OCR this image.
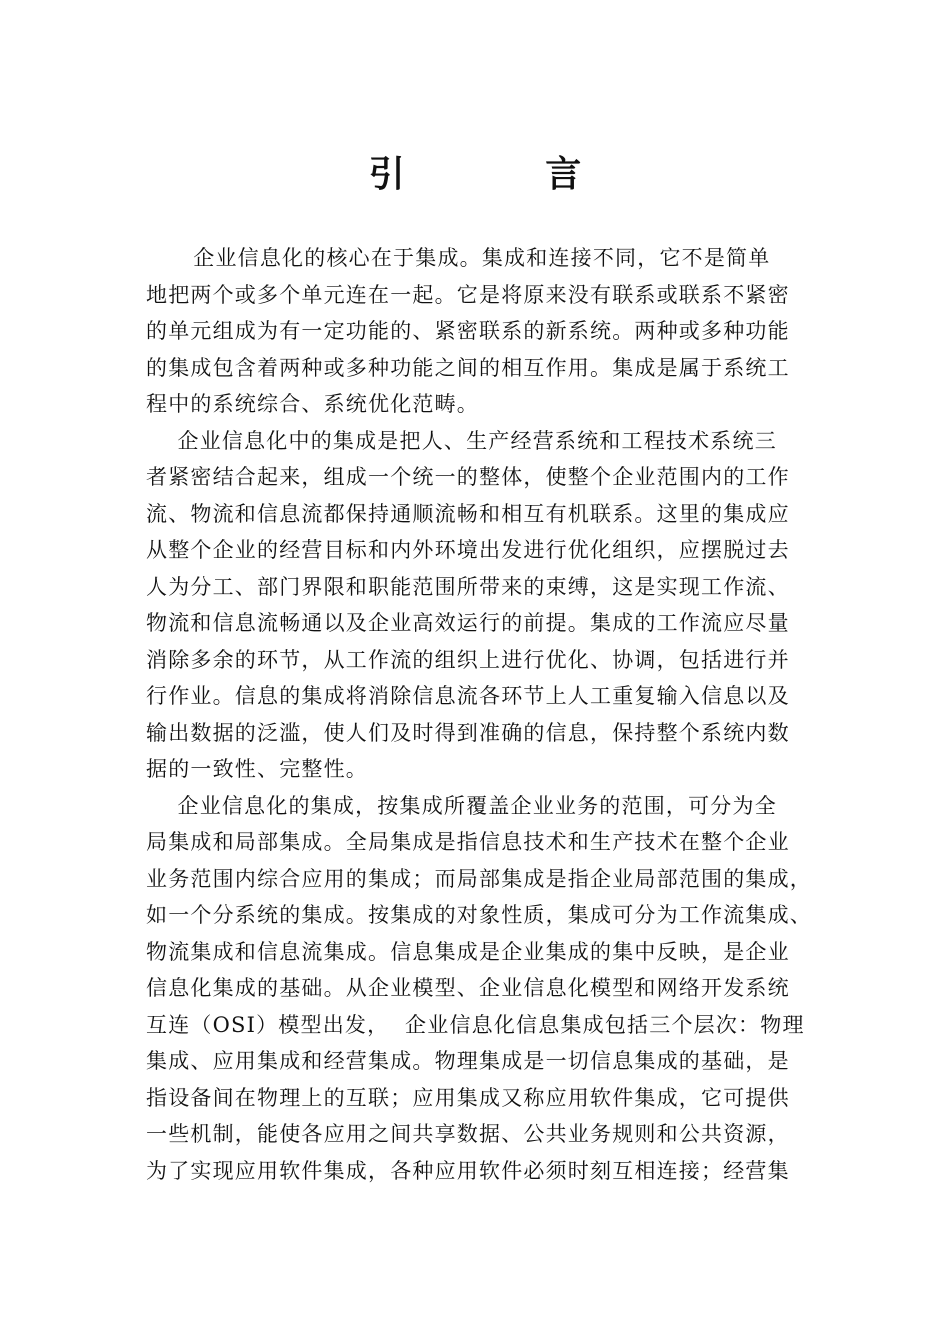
引 言

企业信息化的核心在于集成。集成和连接不同，它不是简单
地把两个或多个单元连在一起。它是将原来没有联系或联系不紧密
的单元组成为有一定功能的、紧密联系的新系统。两种或多种功能
的集成包含着两种或多种功能之间的相互作用。集成是属于系统工
程中的系统综合、系统优化范畴。

企业信息化中的集成是把人、生产经营系统和工程技术系统三
者紧密结合起来，组成一个统一的整体，使整个企业范围内的工作
流、物流和信息流都保持通顺流畅和相互有机联系。这里的集成应
从整个企业的经营目标和内外环境出发进行优化组织，应摆脱过去
人为分工、部门界限和职能范围所带来的束缚，这是实现工作流、
物流和信息流畅通以及企业高效运行的前提。集成的工作流应尽量
消除多余的环节，从工作流的组织上进行优化、协调，包括进行并
行作业。信息的集成将消除信息流各环节上人工重复输入信息以及
输出数据的泛滥，使人们及时得到准确的信息，保持整个系统内数
据的一致性、完整性。

企业信息化的集成，按集成所覆盖企业业务的范围，可分为全
局集成和局部集成。全局集成是指信息技术和生产技术在整个企业
业务范围内综合应用的集成；而局部集成是指企业局部范围的集成，
如一个分系统的集成。按集成的对象性质，集成可分为工作流集成、
物流集成和信息流集成。信息集成是企业集成的集中反映，是企业
信息化集成的基础。从企业模型、企业信息化模型和网络开发系统
互连（OSI）模型出发，  企业信息化信息集成包括三个层次：物理
集成、应用集成和经营集成。物理集成是一切信息集成的基础，是
指设备间在物理上的互联；应用集成又称应用软件集成，它可提供
一些机制，能使各应用之间共享数据、公共业务规则和公共资源，
为了实现应用软件集成，各种应用软件必须时刻互相连接；经营集
